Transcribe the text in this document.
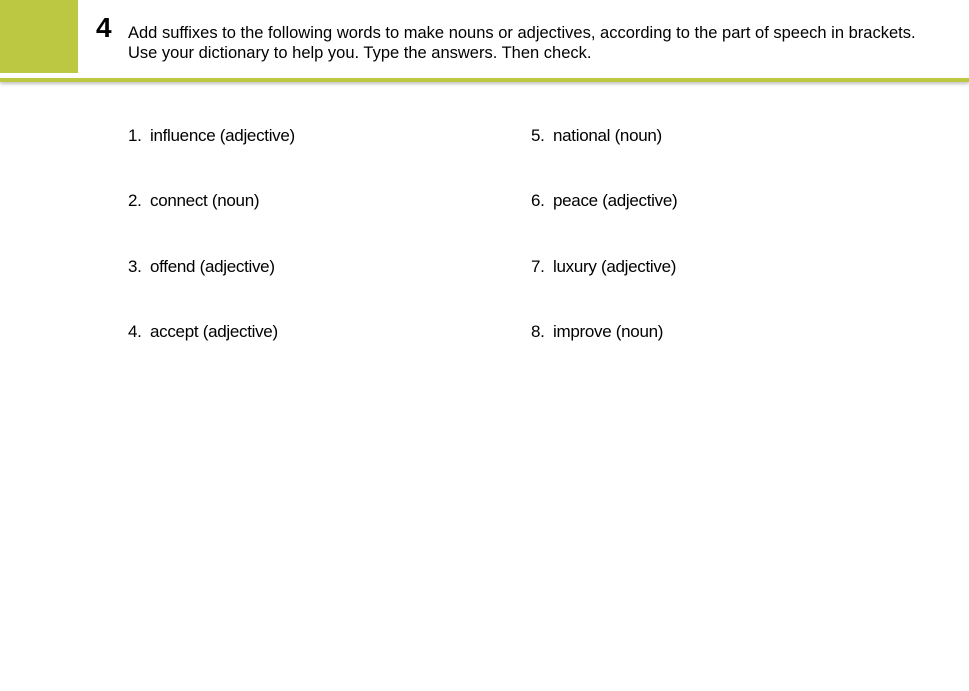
4 Add suffixes to the following words to make nouns or adjectives, according to the part of speech in brackets. Use your dictionary to help you. Type the answers. Then check.
1. influence (adjective)
2. connect (noun)
3. offend (adjective)
4. accept (adjective)
5. national (noun)
6. peace (adjective)
7. luxury (adjective)
8. improve (noun)
